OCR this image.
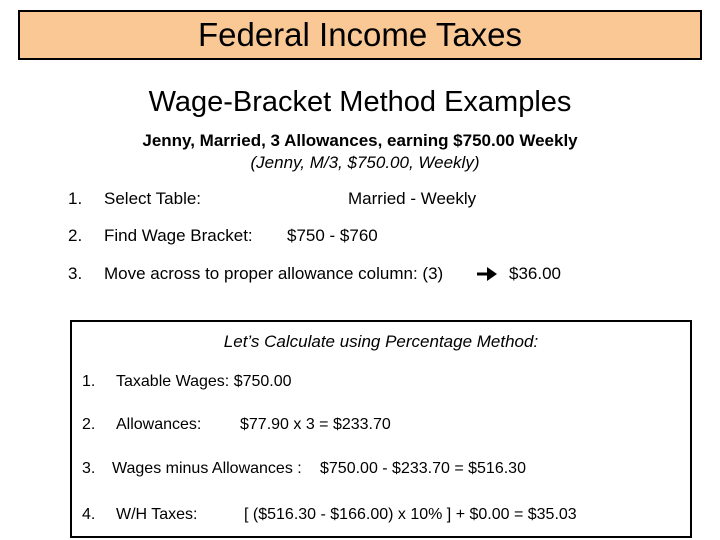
Federal Income Taxes
Wage-Bracket Method Examples
Jenny, Married, 3 Allowances, earning $750.00 Weekly
(Jenny, M/3, $750.00, Weekly)
1. Select Table:	Married - Weekly
2. Find Wage Bracket: $750 - $760
3. Move across to proper allowance column: (3)	$36.00
Let’s Calculate using Percentage Method:
1. Taxable Wages: $750.00
2. Allowances: $77.90 x 3 = $233.70
3. Wages minus Allowances : $750.00 - $233.70 = $516.30
4. W/H Taxes:	[ ($516.30 - $166.00) x 10% ] + $0.00 = $35.03
